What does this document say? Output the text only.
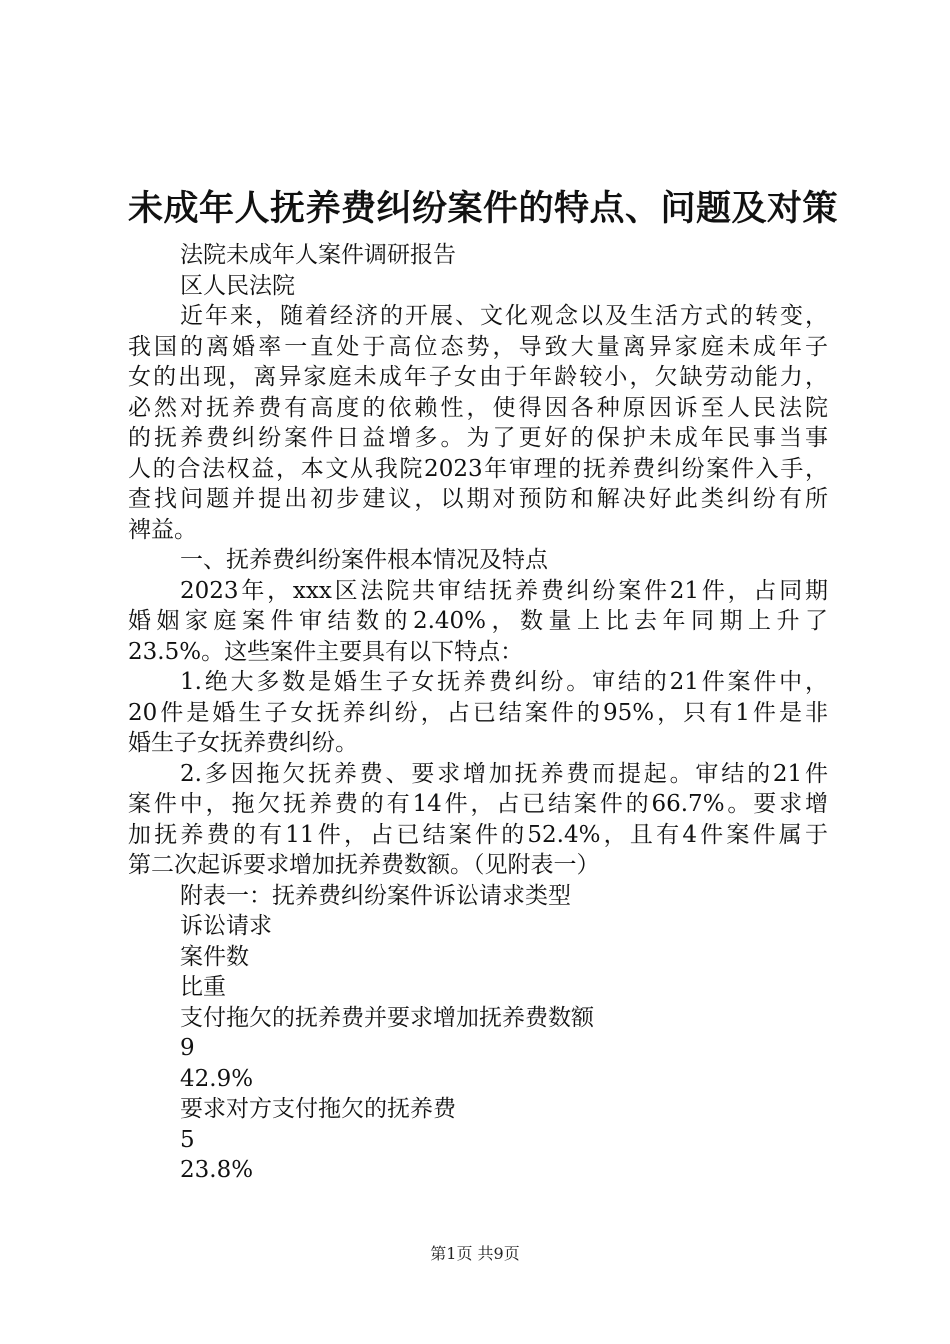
未成年人抚养费纠纷案件的特点、问题及对策

法院未成年人案件调研报告

区人民法院

近年来，随着经济的开展、文化观念以及生活方式的转变，

我国的离婚率一直处于高位态势，导致大量离异家庭未成年子

女的出现，离异家庭未成年子女由于年龄较小，欠缺劳动能力，

必然对抚养费有高度的依赖性，使得因各种原因诉至人民法院

的抚养费纠纷案件日益增多。为了更好的保护未成年民事当事

人的合法权益，本文从我院2023年审理的抚养费纠纷案件入手，

查找问题并提出初步建议，以期对预防和解决好此类纠纷有所

裨益。

一、抚养费纠纷案件根本情况及特点

2023年，xxx区法院共审结抚养费纠纷案件21件，占同期

婚姻家庭案件审结数的2.40%，数量上比去年同期上升了

23.5%。这些案件主要具有以下特点：

1.绝大多数是婚生子女抚养费纠纷。审结的21件案件中，

20件是婚生子女抚养纠纷，占已结案件的95%，只有1件是非

婚生子女抚养费纠纷。

2.多因拖欠抚养费、要求增加抚养费而提起。审结的21件

案件中，拖欠抚养费的有14件，占已结案件的66.7%。要求增

加抚养费的有11件，占已结案件的52.4%，且有4件案件属于

第二次起诉要求增加抚养费数额。（见附表一）

附表一：抚养费纠纷案件诉讼请求类型

诉讼请求

案件数

比重

支付拖欠的抚养费并要求增加抚养费数额

9

42.9%

要求对方支付拖欠的抚养费

5

23.8%

第1页 共9页
